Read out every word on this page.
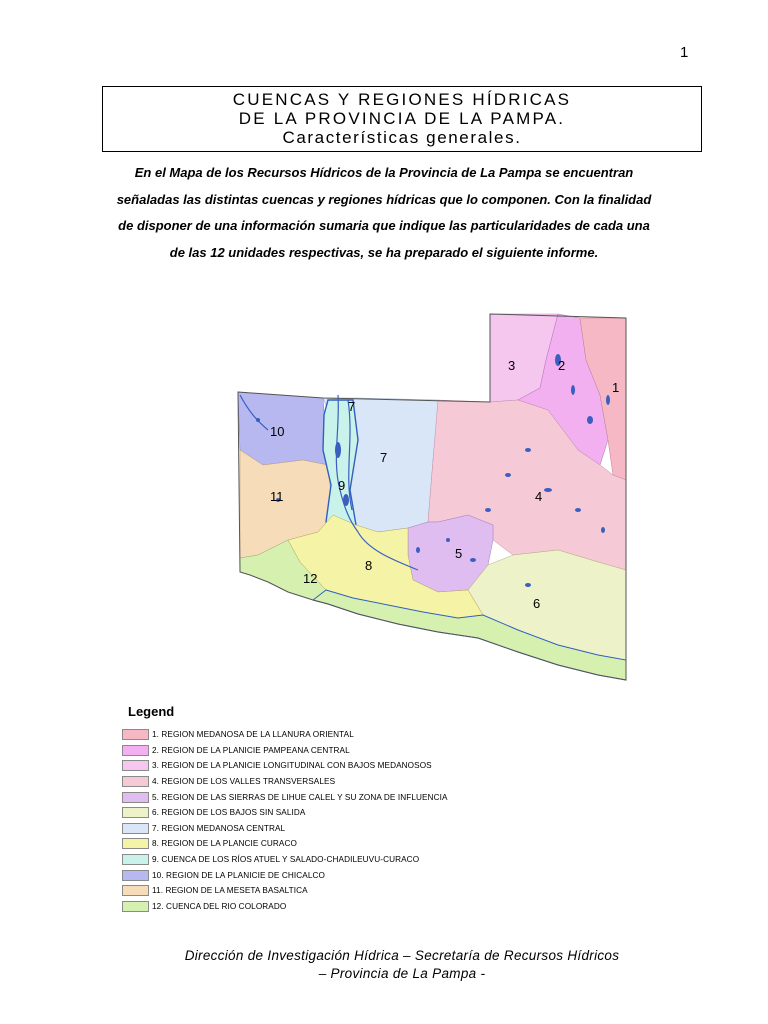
1
CUENCAS Y REGIONES HÍDRICAS
DE LA PROVINCIA DE LA PAMPA.
Características generales.
En el Mapa de los Recursos Hídricos de la Provincia de La Pampa se encuentran
señaladas las distintas cuencas y regiones hídricas que lo componen. Con la finalidad
de disponer de una información sumaria que indique las particularidades de cada una
de las 12 unidades respectivas, se ha preparado el siguiente informe.
1
2
3
4
5
6
7
7
8
9
10
11
12
Legend
1. REGION MEDANOSA DE LA LLANURA ORIENTAL
2. REGION DE LA PLANICIE PAMPEANA CENTRAL
3. REGION DE LA PLANICIE LONGITUDINAL CON BAJOS MEDANOSOS
4. REGION DE LOS VALLES TRANSVERSALES
5. REGION DE LAS SIERRAS DE LIHUE CALEL Y SU ZONA DE INFLUENCIA
6. REGION DE LOS BAJOS SIN SALIDA
7. REGION MEDANOSA CENTRAL
8. REGION DE LA PLANCIE CURACO
9. CUENCA DE LOS RÍOS ATUEL Y SALADO-CHADILEUVU-CURACO
10. REGION DE LA PLANICIE DE CHICALCO
11. REGION DE LA MESETA BASALTICA
12. CUENCA DEL RIO COLORADO
Dirección de Investigación Hídrica – Secretaría de Recursos Hídricos
– Provincia de La Pampa -
